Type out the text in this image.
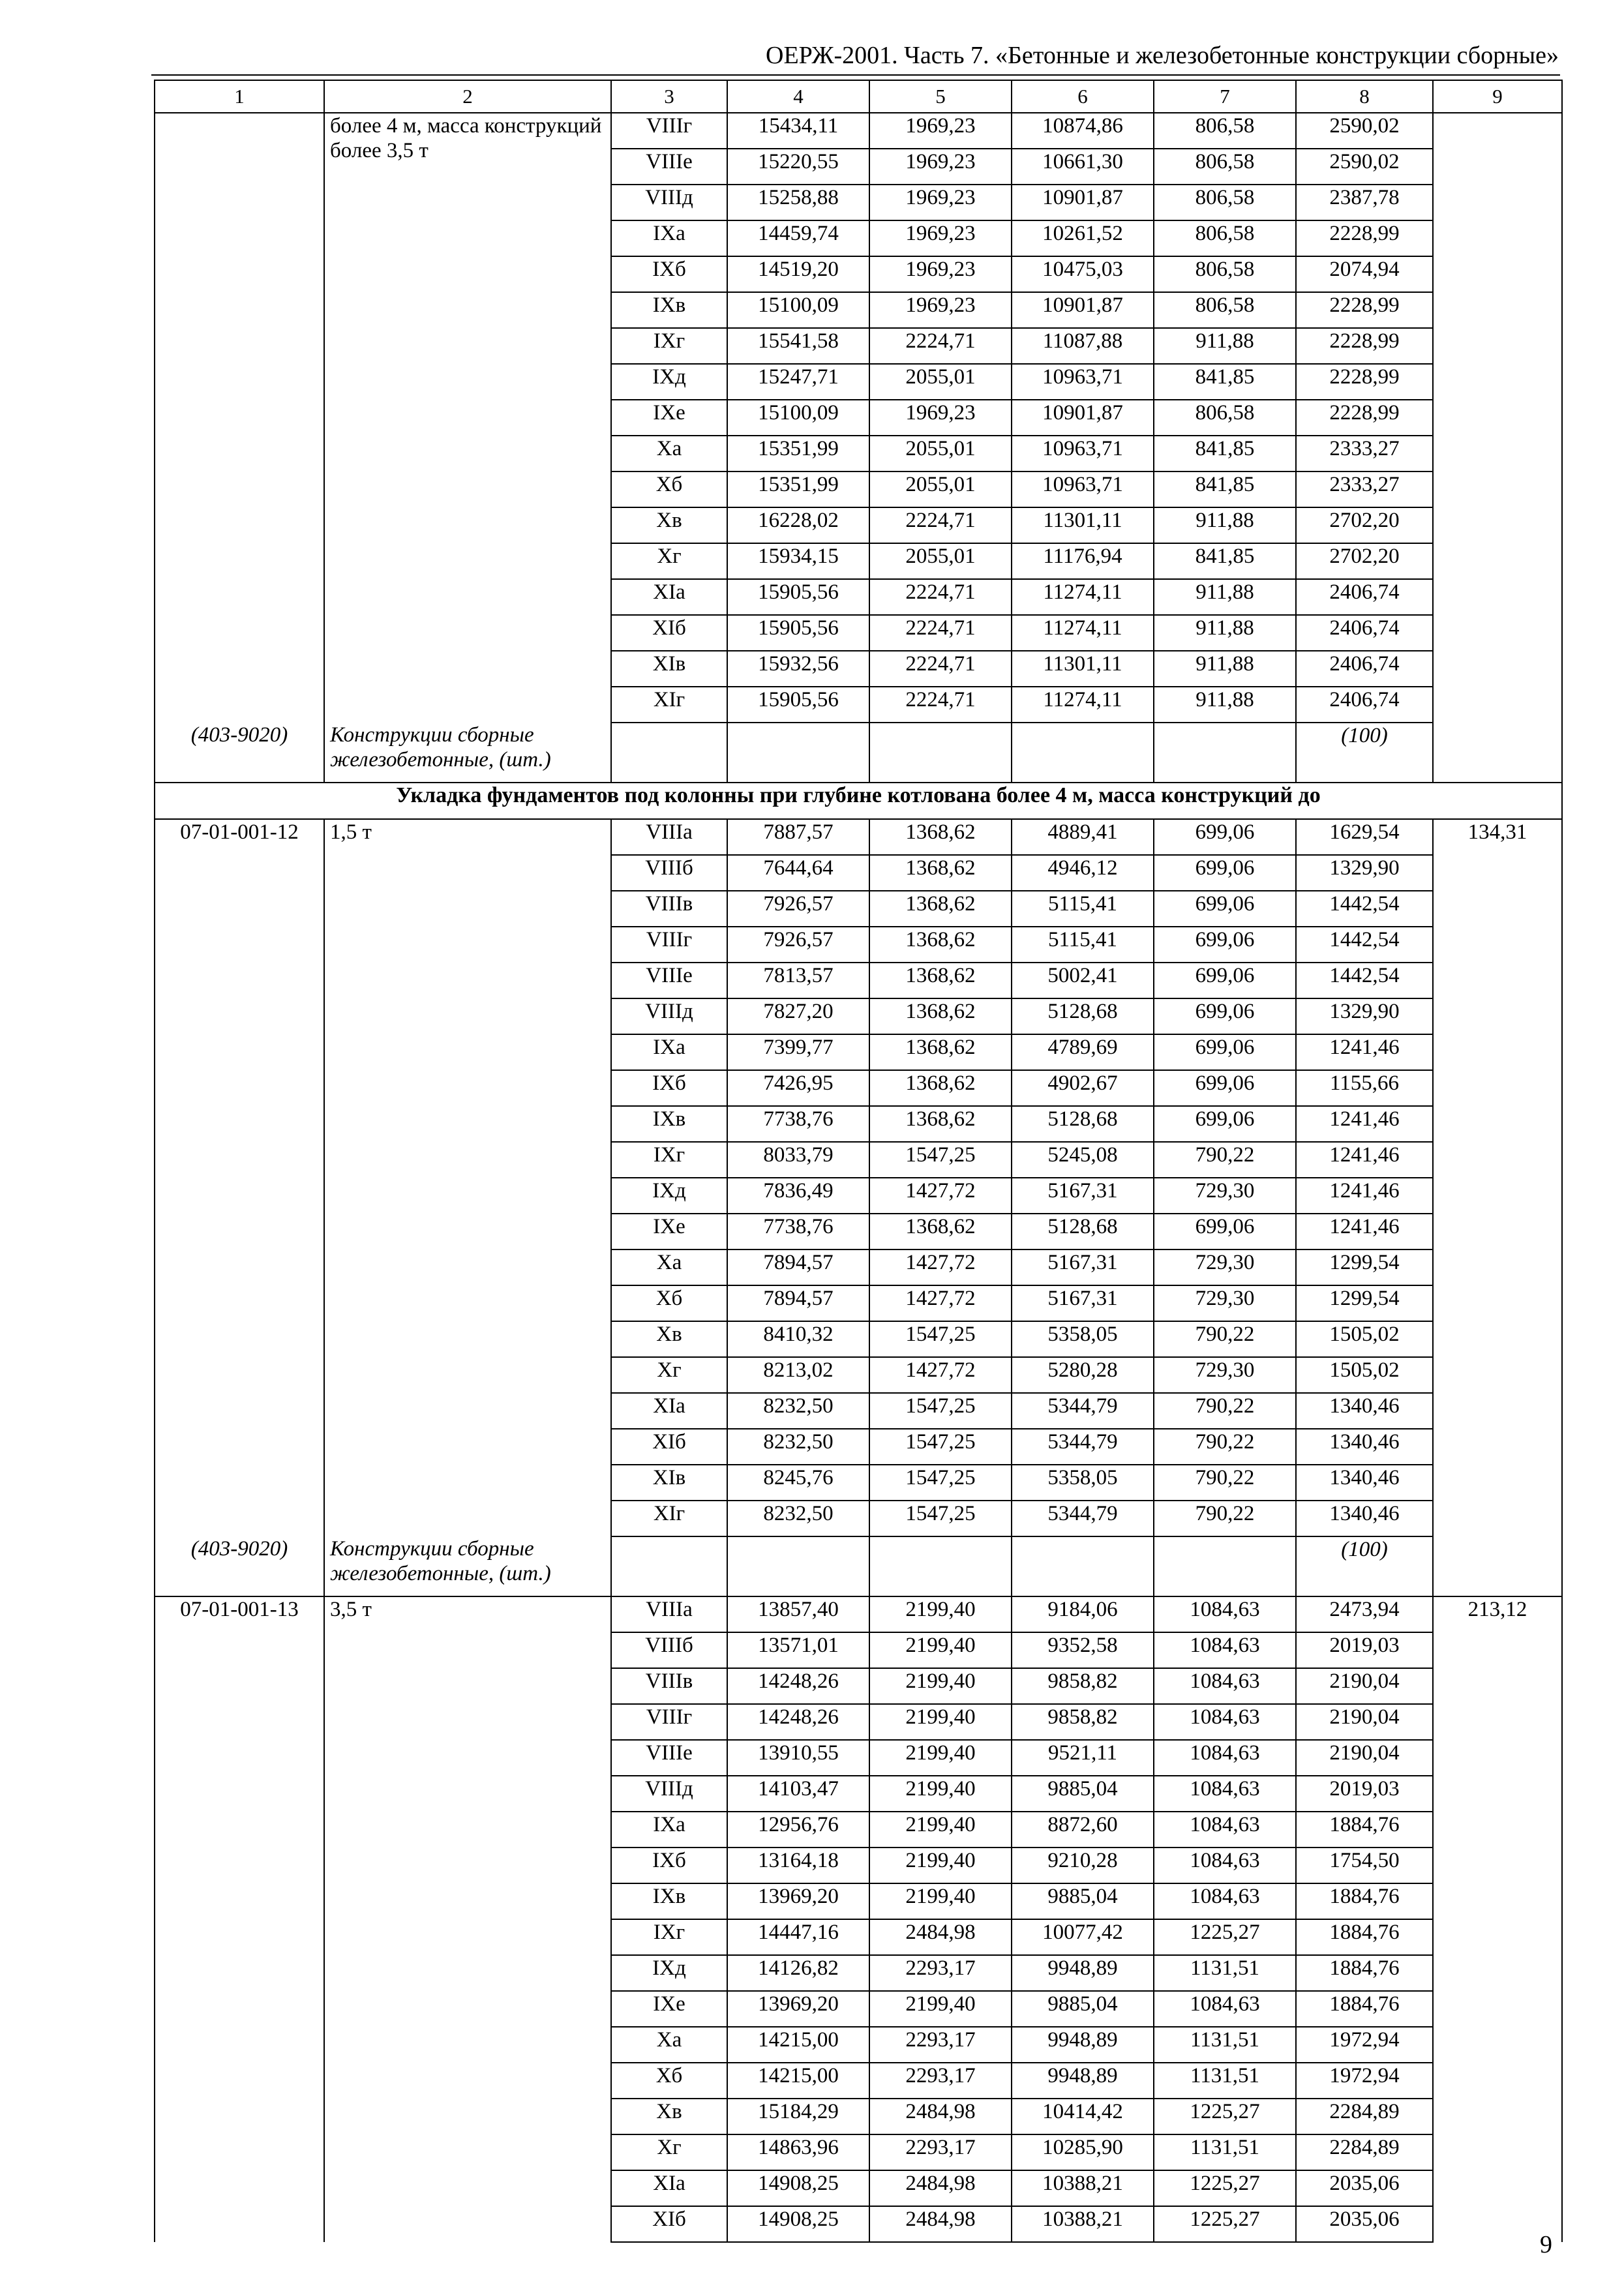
ОЕРЖ-2001. Часть 7. «Бетонные и железобетонные конструкции сборные»
1	2	3	4	5	6	7	8	9
	более 4 м, масса конструкций более 3,5 т	VIIIг	15434,11	1969,23	10874,86	806,58	2590,02	
		VIIIе	15220,55	1969,23	10661,30	806,58	2590,02	
		VIIIд	15258,88	1969,23	10901,87	806,58	2387,78	
		IXа	14459,74	1969,23	10261,52	806,58	2228,99	
		IXб	14519,20	1969,23	10475,03	806,58	2074,94	
		IXв	15100,09	1969,23	10901,87	806,58	2228,99	
		IXг	15541,58	2224,71	11087,88	911,88	2228,99	
		IXд	15247,71	2055,01	10963,71	841,85	2228,99	
		IXе	15100,09	1969,23	10901,87	806,58	2228,99	
		Xа	15351,99	2055,01	10963,71	841,85	2333,27	
		Xб	15351,99	2055,01	10963,71	841,85	2333,27	
		Xв	16228,02	2224,71	11301,11	911,88	2702,20	
		Xг	15934,15	2055,01	11176,94	841,85	2702,20	
		XIа	15905,56	2224,71	11274,11	911,88	2406,74	
		XIб	15905,56	2224,71	11274,11	911,88	2406,74	
		XIв	15932,56	2224,71	11301,11	911,88	2406,74	
		XIг	15905,56	2224,71	11274,11	911,88	2406,74	
(403-9020)	Конструкции сборные железобетонные, (шт.)						(100)	
Укладка фундаментов под колонны при глубине котлована более 4 м, масса конструкций до								
07-01-001-12	1,5 т	VIIIа	7887,57	1368,62	4889,41	699,06	1629,54	134,31
		VIIIб	7644,64	1368,62	4946,12	699,06	1329,90	
		VIIIв	7926,57	1368,62	5115,41	699,06	1442,54	
		VIIIг	7926,57	1368,62	5115,41	699,06	1442,54	
		VIIIе	7813,57	1368,62	5002,41	699,06	1442,54	
		VIIIд	7827,20	1368,62	5128,68	699,06	1329,90	
		IXа	7399,77	1368,62	4789,69	699,06	1241,46	
		IXб	7426,95	1368,62	4902,67	699,06	1155,66	
		IXв	7738,76	1368,62	5128,68	699,06	1241,46	
		IXг	8033,79	1547,25	5245,08	790,22	1241,46	
		IXд	7836,49	1427,72	5167,31	729,30	1241,46	
		IXе	7738,76	1368,62	5128,68	699,06	1241,46	
		Xа	7894,57	1427,72	5167,31	729,30	1299,54	
		Xб	7894,57	1427,72	5167,31	729,30	1299,54	
		Xв	8410,32	1547,25	5358,05	790,22	1505,02	
		Xг	8213,02	1427,72	5280,28	729,30	1505,02	
		XIа	8232,50	1547,25	5344,79	790,22	1340,46	
		XIб	8232,50	1547,25	5344,79	790,22	1340,46	
		XIв	8245,76	1547,25	5358,05	790,22	1340,46	
		XIг	8232,50	1547,25	5344,79	790,22	1340,46	
(403-9020)	Конструкции сборные железобетонные, (шт.)						(100)	
07-01-001-13	3,5 т	VIIIа	13857,40	2199,40	9184,06	1084,63	2473,94	213,12
		VIIIб	13571,01	2199,40	9352,58	1084,63	2019,03	
		VIIIв	14248,26	2199,40	9858,82	1084,63	2190,04	
		VIIIг	14248,26	2199,40	9858,82	1084,63	2190,04	
		VIIIе	13910,55	2199,40	9521,11	1084,63	2190,04	
		VIIIд	14103,47	2199,40	9885,04	1084,63	2019,03	
		IXа	12956,76	2199,40	8872,60	1084,63	1884,76	
		IXб	13164,18	2199,40	9210,28	1084,63	1754,50	
		IXв	13969,20	2199,40	9885,04	1084,63	1884,76	
		IXг	14447,16	2484,98	10077,42	1225,27	1884,76	
		IXд	14126,82	2293,17	9948,89	1131,51	1884,76	
		IXе	13969,20	2199,40	9885,04	1084,63	1884,76	
		Xа	14215,00	2293,17	9948,89	1131,51	1972,94	
		Xб	14215,00	2293,17	9948,89	1131,51	1972,94	
		Xв	15184,29	2484,98	10414,42	1225,27	2284,89	
		Xг	14863,96	2293,17	10285,90	1131,51	2284,89	
		XIа	14908,25	2484,98	10388,21	1225,27	2035,06	
		XIб	14908,25	2484,98	10388,21	1225,27	2035,06	
9
